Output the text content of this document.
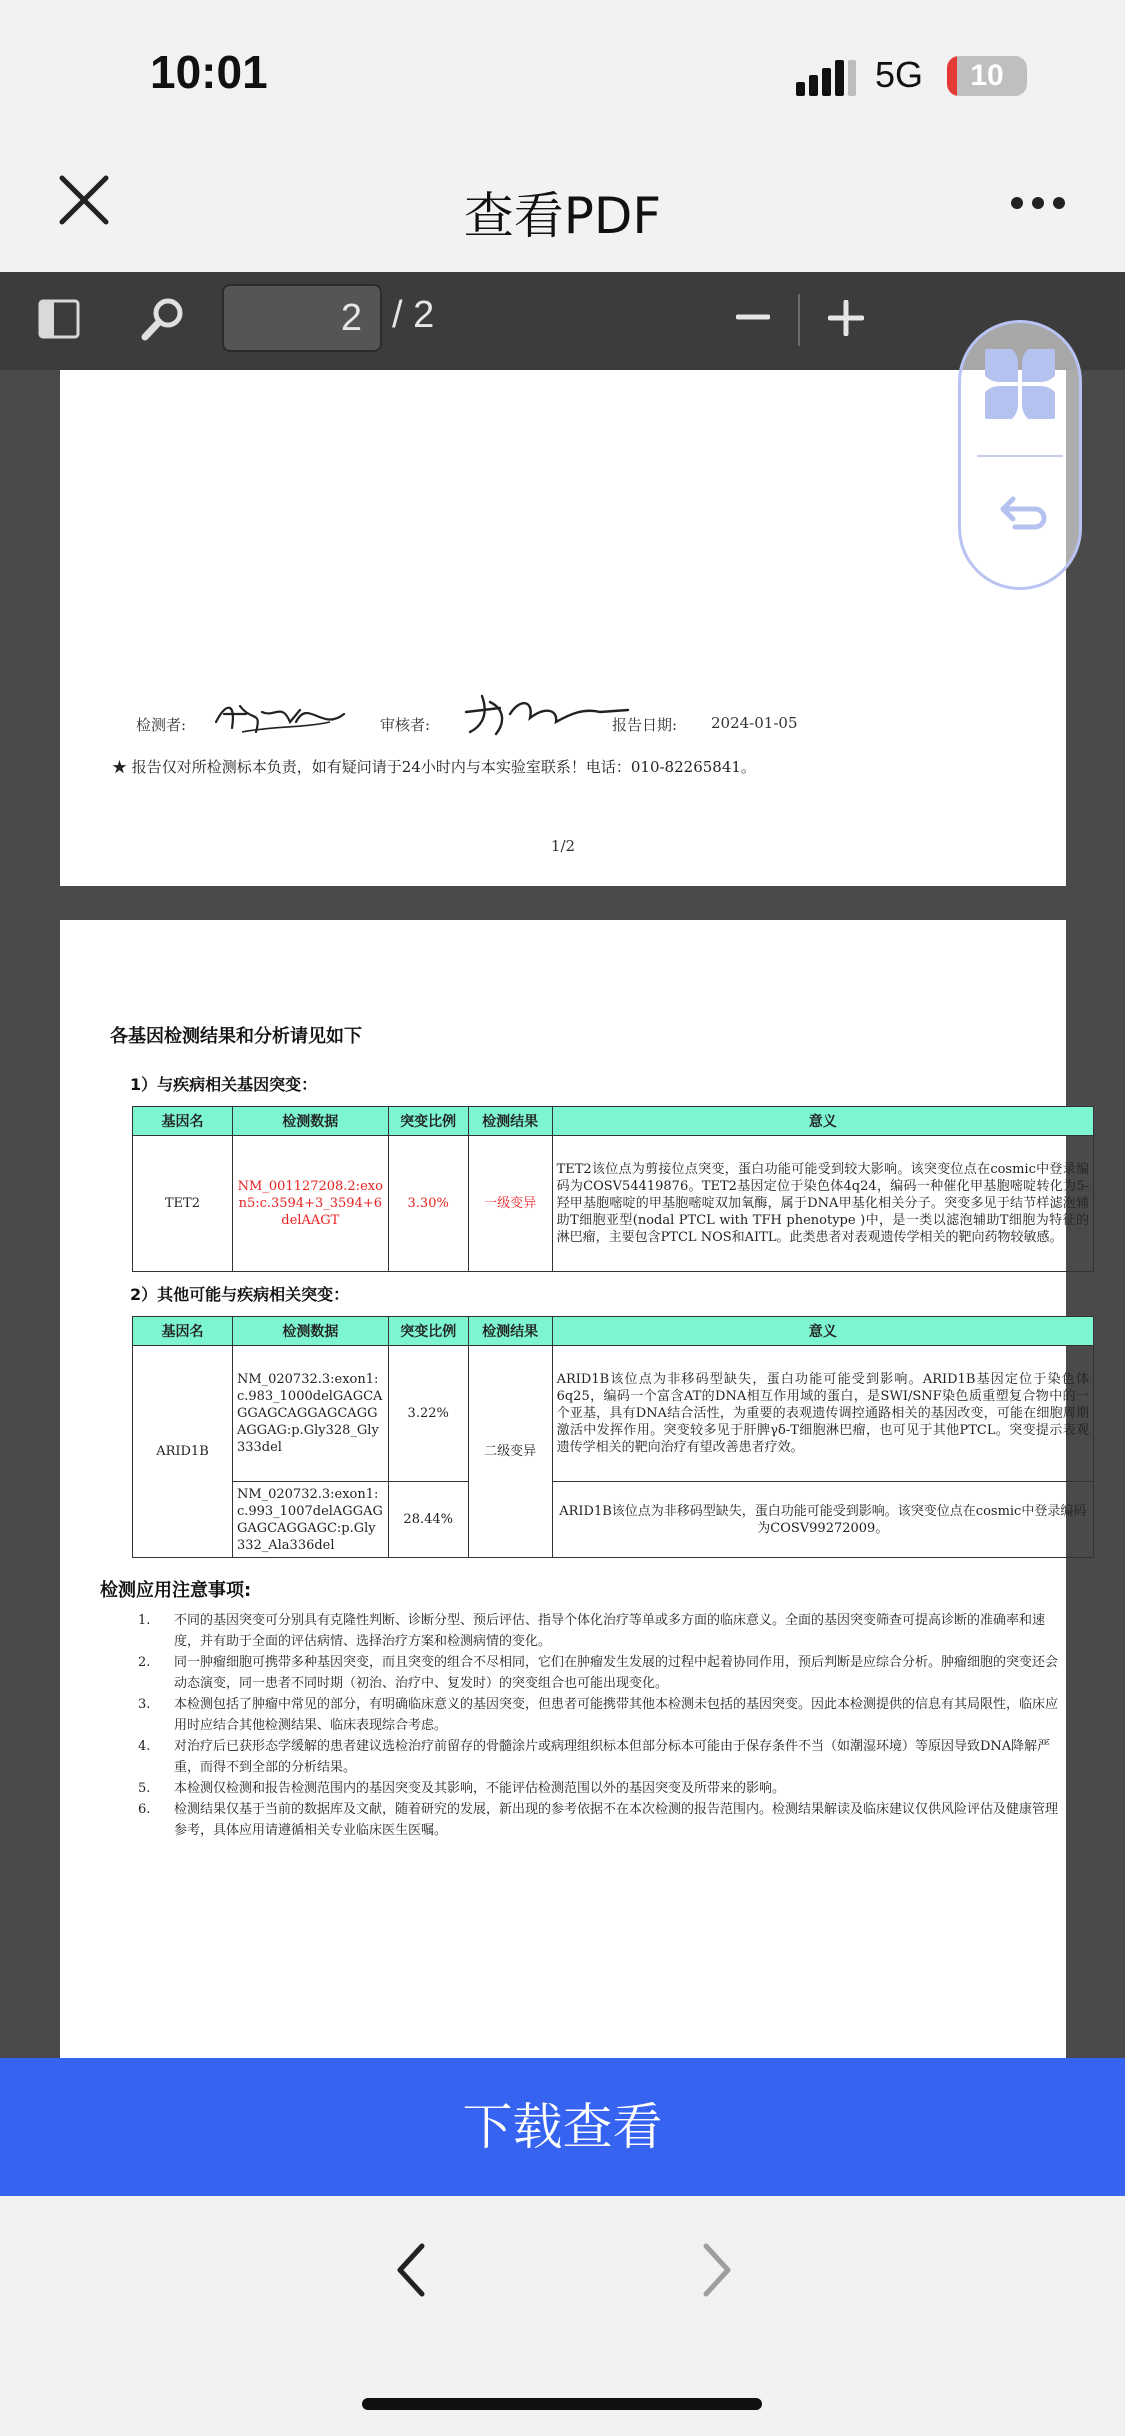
10:01	5G	10
查看PDF
2 / 2
检测者:	审核者:	报告日期: 2024-01-05
★ 报告仅对所检测标本负责，如有疑问请于24小时内与本实验室联系！电话：010-82265841。
1/2
各基因检测结果和分析请见如下
1）与疾病相关基因突变：
基因名	检测数据	突变比例	检测结果	意义
TET2	NM_001127208.2:exon5:c.3594+3_3594+6delAAGT	3.30%	一级变异	TET2该位点为剪接位点突变，蛋白功能可能受到较大影响。该突变位点在cosmic中登录编码为COSV54419876。TET2基因定位于染色体4q24，编码一种催化甲基胞嘧啶转化为5-羟甲基胞嘧啶的甲基胞嘧啶双加氧酶，属于DNA甲基化相关分子。突变多见于结节样滤泡辅助T细胞亚型(nodal PTCL with TFH phenotype )中，是一类以滤泡辅助T细胞为特征的淋巴瘤，主要包含PTCL NOS和AITL。此类患者对表观遗传学相关的靶向药物较敏感。
2）其他可能与疾病相关突变：
基因名	检测数据	突变比例	检测结果	意义
ARID1B	NM_020732.3:exon1:c.983_1000delGAGCAGGAGCAGGAGCAGGAGGAG:p.Gly328_Gly333del	3.22%	二级变异	ARID1B该位点为非移码型缺失，蛋白功能可能受到影响。ARID1B基因定位于染色体6q25，编码一个富含AT的DNA相互作用域的蛋白，是SWI/SNF染色质重塑复合物中的一个亚基，具有DNA结合活性，为重要的表观遗传调控通路相关的基因改变，可能在细胞周期激活中发挥作用。突变较多见于肝脾γδ-T细胞淋巴瘤，也可见于其他PTCL。突变提示表观遗传学相关的靶向治疗有望改善患者疗效。
	NM_020732.3:exon1:c.993_1007delAGGAGGAGCAGGAGC:p.Gly332_Ala336del	28.44%		ARID1B该位点为非移码型缺失，蛋白功能可能受到影响。该突变位点在cosmic中登录编码为COSV99272009。
检测应用注意事项:
1. 不同的基因突变可分别具有克隆性判断、诊断分型、预后评估、指导个体化治疗等单或多方面的临床意义。全面的基因突变筛查可提高诊断的准确率和速度，并有助于全面的评估病情、选择治疗方案和检测病情的变化。
2. 同一肿瘤细胞可携带多种基因突变，而且突变的组合不尽相同，它们在肿瘤发生发展的过程中起着协同作用，预后判断是应综合分析。肿瘤细胞的突变还会动态演变，同一患者不同时期（初治、治疗中、复发时）的突变组合也可能出现变化。
3. 本检测包括了肿瘤中常见的部分，有明确临床意义的基因突变，但患者可能携带其他本检测未包括的基因突变。因此本检测提供的信息有其局限性，临床应用时应结合其他检测结果、临床表现综合考虑。
4. 对治疗后已获形态学缓解的患者建议选检治疗前留存的骨髓涂片或病理组织标本但部分标本可能由于保存条件不当（如潮湿环境）等原因导致DNA降解严重，而得不到全部的分析结果。
5. 本检测仅检测和报告检测范围内的基因突变及其影响，不能评估检测范围以外的基因突变及所带来的影响。
6. 检测结果仅基于当前的数据库及文献，随着研究的发展，新出现的参考依据不在本次检测的报告范围内。检测结果解读及临床建议仅供风险评估及健康管理参考，具体应用请遵循相关专业临床医生医嘱。
下载查看
